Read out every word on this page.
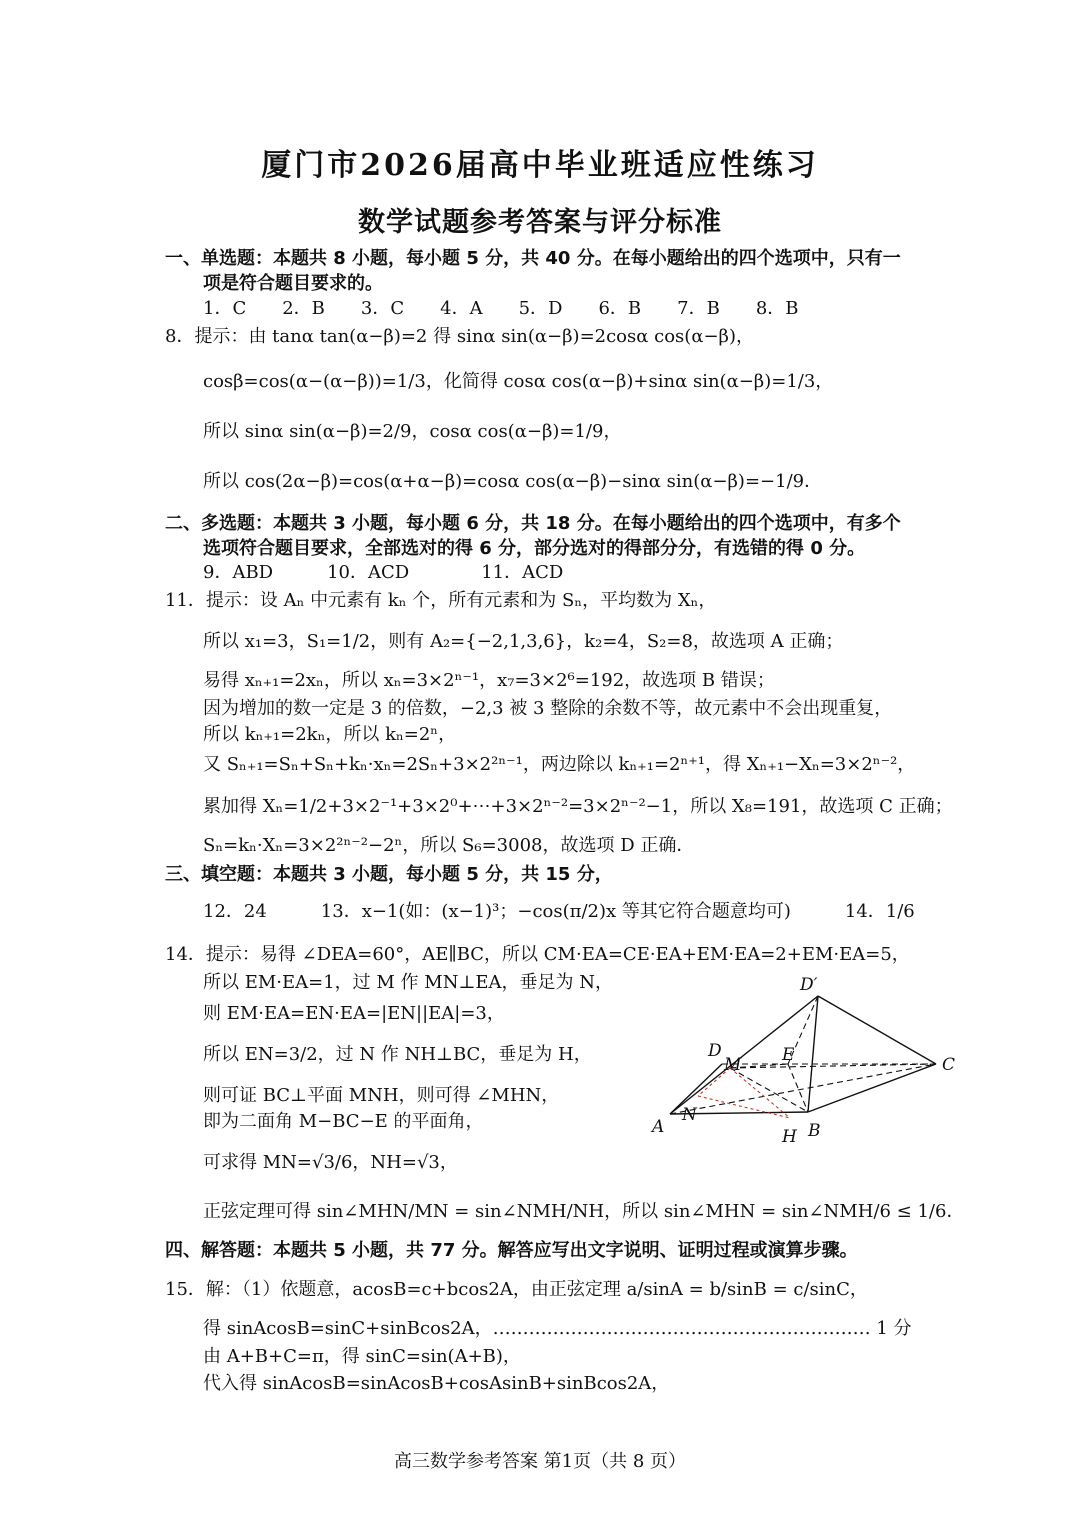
厦门市2026届高中毕业班适应性练习
数学试题参考答案与评分标准
一、单选题：本题共 8 小题，每小题 5 分，共 40 分。在每小题给出的四个选项中，只有一
项是符合题目要求的。
1．C　　2．B　　3．C　　4．A　　5．D　　6．B　　7．B　　8．B
8．提示：由 tanα tan(α−β)=2 得 sinα sin(α−β)=2cosα cos(α−β)，
cosβ=cos(α−(α−β))=1/3，化简得 cosα cos(α−β)+sinα sin(α−β)=1/3，
所以 sinα sin(α−β)=2/9，cosα cos(α−β)=1/9，
所以 cos(2α−β)=cos(α+α−β)=cosα cos(α−β)−sinα sin(α−β)=−1/9．
二、多选题：本题共 3 小题，每小题 6 分，共 18 分。在每小题给出的四个选项中，有多个
选项符合题目要求，全部选对的得 6 分，部分选对的得部分分，有选错的得 0 分。
9．ABD　　　10．ACD　　　　11．ACD
11．提示：设 Aₙ 中元素有 kₙ 个，所有元素和为 Sₙ，平均数为 Xₙ，
所以 x₁=3，S₁=1/2，则有 A₂={−2,1,3,6}，k₂=4，S₂=8，故选项 A 正确；
易得 xₙ₊₁=2xₙ，所以 xₙ=3×2ⁿ⁻¹，x₇=3×2⁶=192，故选项 B 错误；
因为增加的数一定是 3 的倍数，−2,3 被 3 整除的余数不等，故元素中不会出现重复，
所以 kₙ₊₁=2kₙ，所以 kₙ=2ⁿ，
又 Sₙ₊₁=Sₙ+Sₙ+kₙ·xₙ=2Sₙ+3×2²ⁿ⁻¹，两边除以 kₙ₊₁=2ⁿ⁺¹，得 Xₙ₊₁−Xₙ=3×2ⁿ⁻²，
累加得 Xₙ=1/2+3×2⁻¹+3×2⁰+⋯+3×2ⁿ⁻²=3×2ⁿ⁻²−1，所以 X₈=191，故选项 C 正确；
Sₙ=kₙ·Xₙ=3×2²ⁿ⁻²−2ⁿ，所以 S₆=3008，故选项 D 正确．
三、填空题：本题共 3 小题，每小题 5 分，共 15 分，
12．24　　　13．x−1(如：(x−1)³；−cos(π/2)x 等其它符合题意均可)　　　14．1/6
14．提示：易得 ∠DEA=60°，AE∥BC，所以 CM·EA=CE·EA+EM·EA=2+EM·EA=5，
所以 EM·EA=1，过 M 作 MN⊥EA，垂足为 N，
则 EM·EA=EN·EA=|EN||EA|=3，
所以 EN=3/2，过 N 作 NH⊥BC，垂足为 H，
则可证 BC⊥平面 MNH，则可得 ∠MHN，
即为二面角 M−BC−E 的平面角，
可求得 MN=√3/6，NH=√3，
正弦定理可得 sin∠MHN/MN = sin∠NMH/NH，所以 sin∠MHN = sin∠NMH/6 ≤ 1/6．
四、解答题：本题共 5 小题，共 77 分。解答应写出文字说明、证明过程或演算步骤。
15．解：（1）依题意，acosB=c+bcos2A，由正弦定理 a/sinA = b/sinB = c/sinC，
得 sinAcosB=sinC+sinBcos2A，……………………………………………………… 1 分
由 A+B+C=π，得 sinC=sin(A+B)，
代入得 sinAcosB=sinAcosB+cosAsinB+sinBcos2A，
D′
D
M E	C
A
N
H B
高三数学参考答案 第1页（共 8 页）
